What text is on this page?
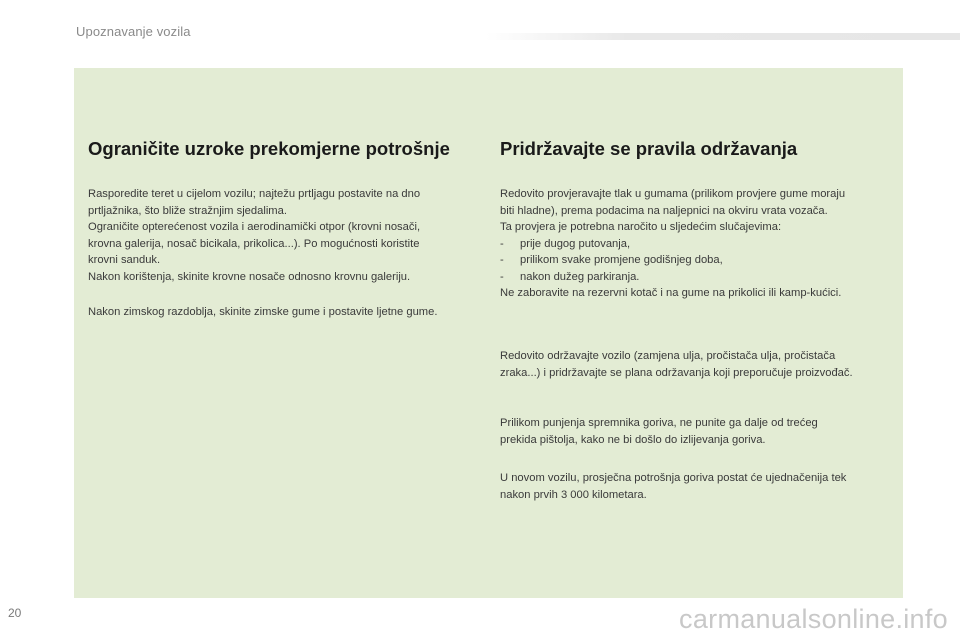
Upoznavanje vozila
Ograničite uzroke prekomjerne potrošnje

Rasporedite teret u cijelom vozilu; najtežu prtljagu postavite na dno
prtljažnika, što bliže stražnjim sjedalima.
Ograničite opterećenost vozila i aerodinamički otpor (krovni nosači,
krovna galerija, nosač bicikala, prikolica...). Po mogućnosti koristite
krovni sanduk.
Nakon korištenja, skinite krovne nosače odnosno krovnu galeriju.

Nakon zimskog razdoblja, skinite zimske gume i postavite ljetne gume.

Pridržavajte se pravila održavanja

Redovito provjeravajte tlak u gumama (prilikom provjere gume moraju
biti hladne), prema podacima na naljepnici na okviru vrata vozača.
Ta provjera je potrebna naročito u sljedećim slučajevima:
- prije dugog putovanja,
- prilikom svake promjene godišnjeg doba,
- nakon dužeg parkiranja.
Ne zaboravite na rezervni kotač i na gume na prikolici ili kamp-kućici.

Redovito održavajte vozilo (zamjena ulja, pročistača ulja, pročistača
zraka...) i pridržavajte se plana održavanja koji preporučuje proizvođač.

Prilikom punjenja spremnika goriva, ne punite ga dalje od trećeg
prekida pištolja, kako ne bi došlo do izlijevanja goriva.

U novom vozilu, prosječna potrošnja goriva postat će ujednačenija tek
nakon prvih 3 000 kilometara.

20	carmanualsonline.info
